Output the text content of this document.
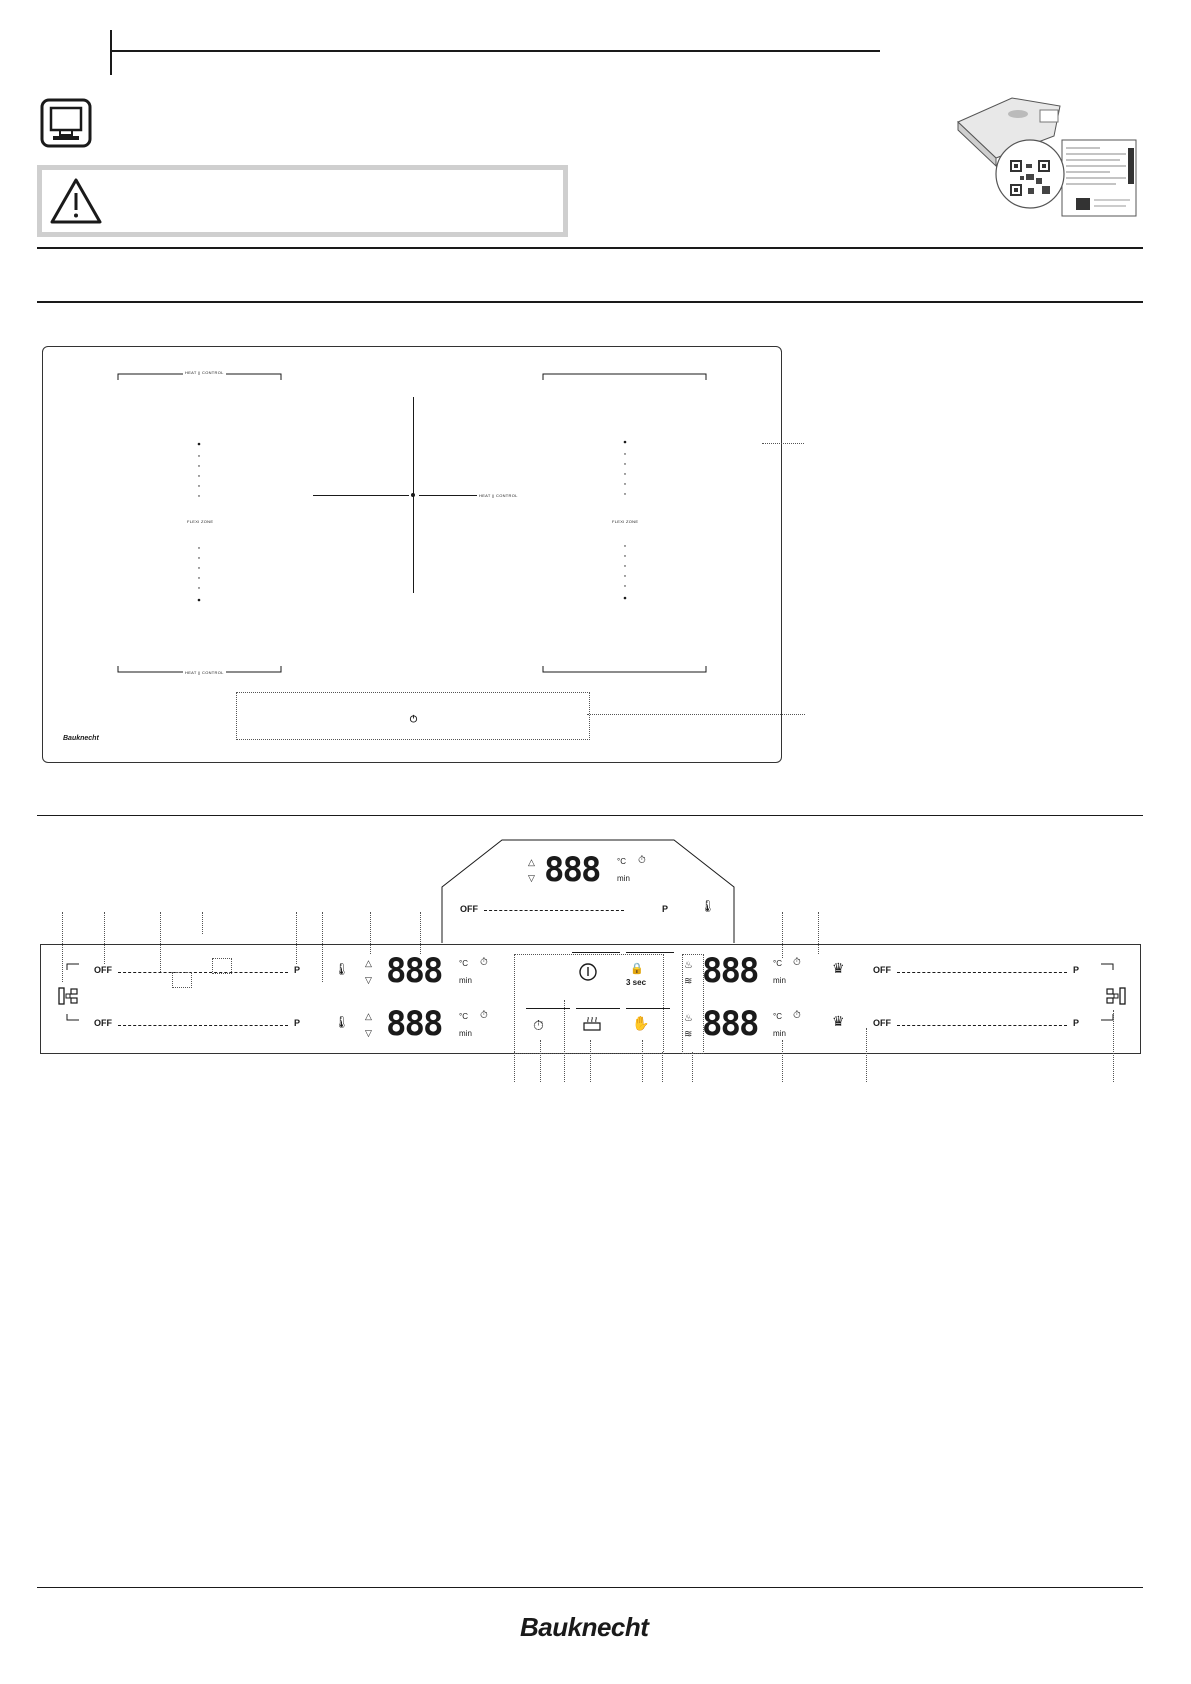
HEAT || CONTROL
HEAT || CONTROL
FLEXI ZONE	FLEXI ZONE
HEAT || CONTROL
Bauknecht
△
▽ 888 °C
min
⏱
OFF	P	🌡
OFF	P	🌡 △
▽ 888 °C
min
⏱
OFF	P	🌡 △
▽ 888 °C
min
⏱
🔒
3 sec
⏱	✋
♨
≋ 888 °C
min
⏱ ♛	OFF	P
♨
≋ 888 °C
min
⏱ ♛	OFF	P
Bauknecht
